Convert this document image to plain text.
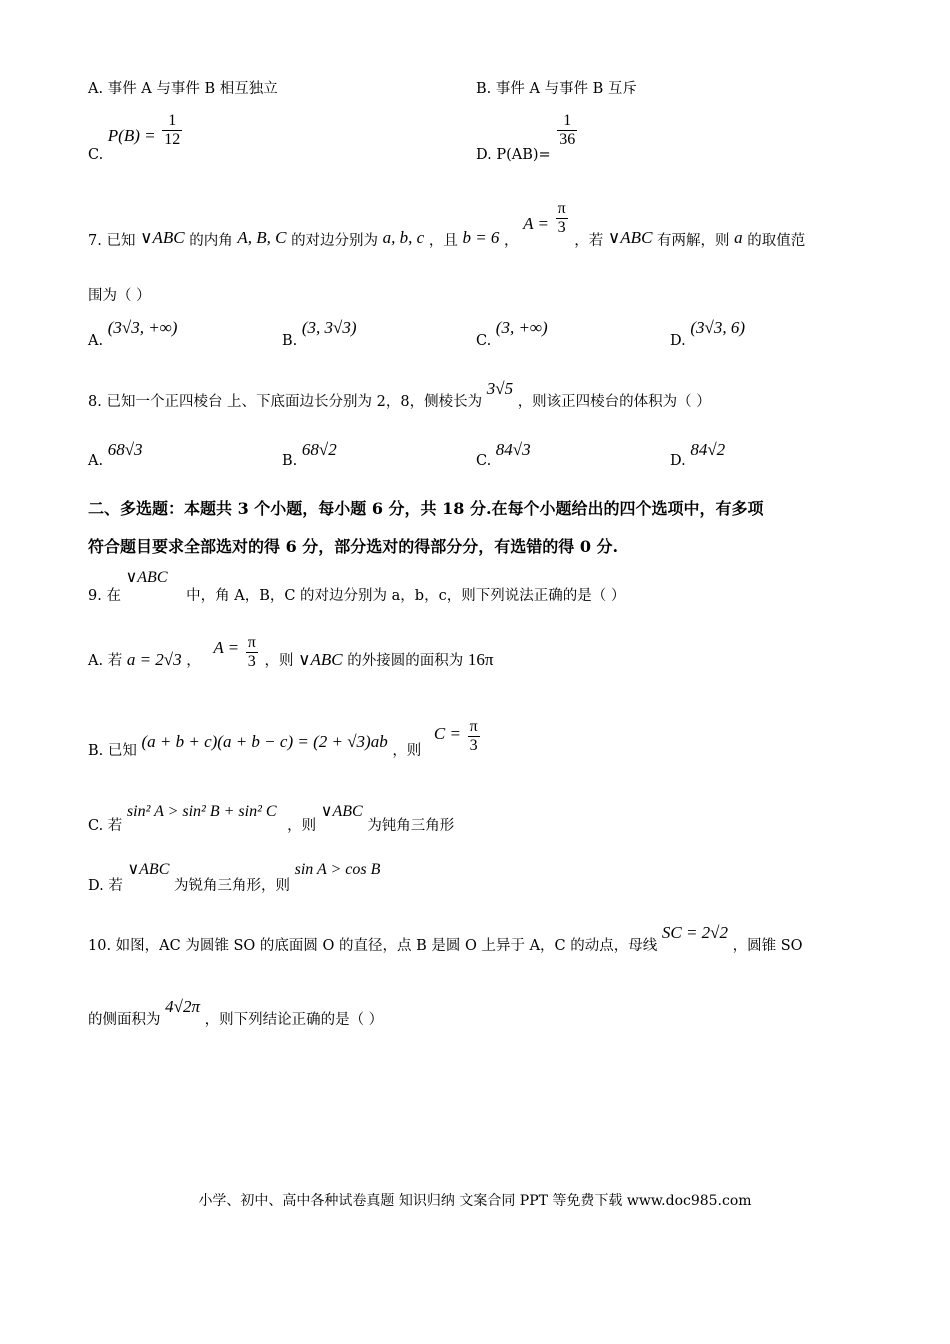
A. 事件 A 与事件 B 相互独立	B. 事件 A 与事件 B 互斥
C. $P(B) = \frac{1}{12}$
D. P(AB)=
$\frac{1}{36}$
7. 已知 ∨ABC 的内角 A, B, C 的对边分别为 a, b, c ，且 b = 6 ， $A = \frac{\pi}{3}$
，若 ∨ABC 有两解，则 a 的取值范
围为（ ）
A. (3√3, +∞)
B. (3, 3√3)
C. (3, +∞)
D. (3√3, 6)
8. 已知一个正四棱台 上、下底面边长分别为 2，8，侧棱长为 3√5 ，则该正四棱台的体积为（ ）
A. 68√3
B. 68√2
C. 84√3
D. 84√2
二、多选题：本题共 3 个小题，每小题 6 分，共 18 分.在每个小题给出的四个选项中，有多项
符合题目要求全部选对的得 6 分，部分选对的得部分分，有选错的得 0 分.
9. 在 ∨ABC 中，角 A，B，C 的对边分别为 a，b，c，则下列说法正确的是（ ）
A. 若 a = 2√3 ， $A = \frac{\pi}{3}$ ，则 ∨ABC 的外接圆的面积为 16π
B. 已知 (a + b + c)(a + b − c) = (2 + √3)ab ，则 $C = \frac{\pi}{3}$
C. 若 sin² A > sin² B + sin² C ，则 ∨ABC 为钝角三角形
D. 若 ∨ABC 为锐角三角形，则 sin A > cos B
10. 如图，AC 为圆锥 SO 的底面圆 O 的直径，点 B 是圆 O 上异于 A，C 的动点，母线 SC = 2√2 ，圆锥 SO
的侧面积为 4√2π ，则下列结论正确的是（ ）
小学、初中、高中各种试卷真题 知识归纳 文案合同 PPT 等免费下载 www.doc985.com
